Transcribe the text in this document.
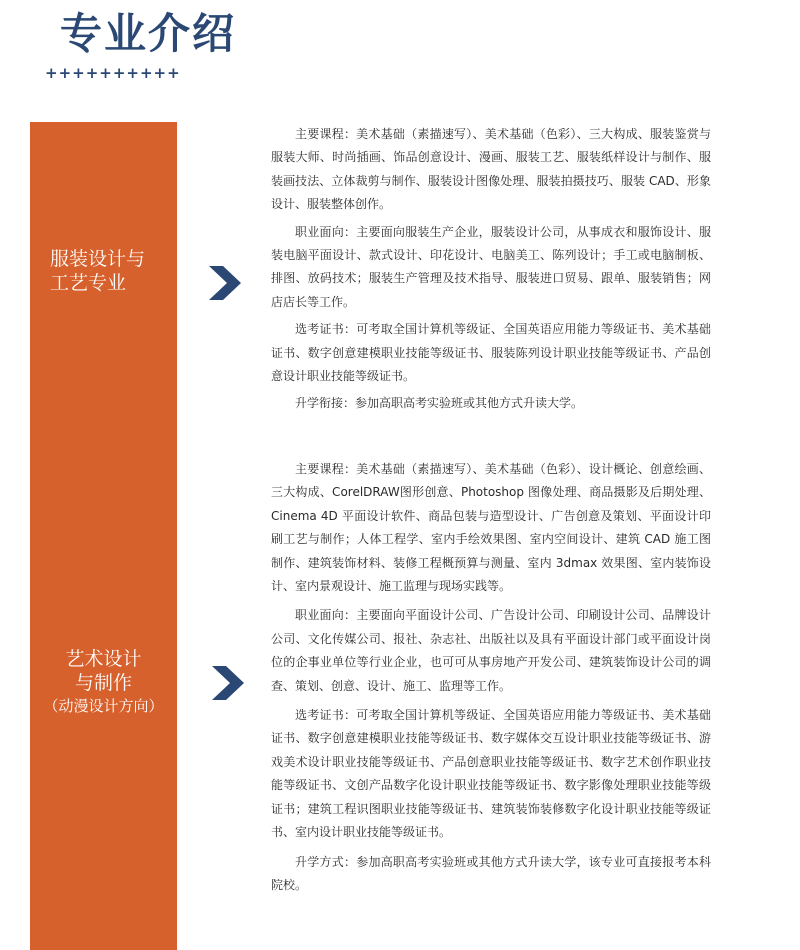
专业介绍
++++++++++
服装设计与
工艺专业
艺术设计
与制作
（动漫设计方向）

主要课程：美术基础（素描速写）、美术基础（色彩）、三大构成、服装鉴赏与服装大师、时尚插画、饰品创意设计、漫画、服装工艺、服装纸样设计与制作、服装画技法、立体裁剪与制作、服装设计图像处理、服装拍摄技巧、服装 CAD、形象设计、服装整体创作。

职业面向：主要面向服装生产企业，服装设计公司，从事成衣和服饰设计、服装电脑平面设计、款式设计、印花设计、电脑美工、陈列设计；手工或电脑制板、排图、放码技术；服装生产管理及技术指导、服装进口贸易、跟单、服装销售；网店店长等工作。

选考证书：可考取全国计算机等级证、全国英语应用能力等级证书、美术基础证书、数字创意建模职业技能等级证书、服装陈列设计职业技能等级证书、产品创意设计职业技能等级证书。

升学衔接：参加高职高考实验班或其他方式升读大学。

主要课程：美术基础（素描速写）、美术基础（色彩）、设计概论、创意绘画、三大构成、CorelDRAW图形创意、Photoshop 图像处理、商品摄影及后期处理、Cinema 4D 平面设计软件、商品包装与造型设计、广告创意及策划、平面设计印刷工艺与制作；人体工程学、室内手绘效果图、室内空间设计、建筑 CAD 施工图制作、建筑装饰材料、装修工程概预算与测量、室内 3dmax 效果图、室内装饰设计、室内景观设计、施工监理与现场实践等。

职业面向：主要面向平面设计公司、广告设计公司、印刷设计公司、品牌设计公司、文化传媒公司、报社、杂志社、出版社以及具有平面设计部门或平面设计岗位的企事业单位等行业企业，也可可从事房地产开发公司、建筑装饰设计公司的调查、策划、创意、设计、施工、监理等工作。

选考证书：可考取全国计算机等级证、全国英语应用能力等级证书、美术基础证书、数字创意建模职业技能等级证书、数字媒体交互设计职业技能等级证书、游戏美术设计职业技能等级证书、产品创意职业技能等级证书、数字艺术创作职业技能等级证书、文创产品数字化设计职业技能等级证书、数字影像处理职业技能等级证书；建筑工程识图职业技能等级证书、建筑装饰装修数字化设计职业技能等级证书、室内设计职业技能等级证书。

升学方式：参加高职高考实验班或其他方式升读大学，该专业可直接报考本科院校。
